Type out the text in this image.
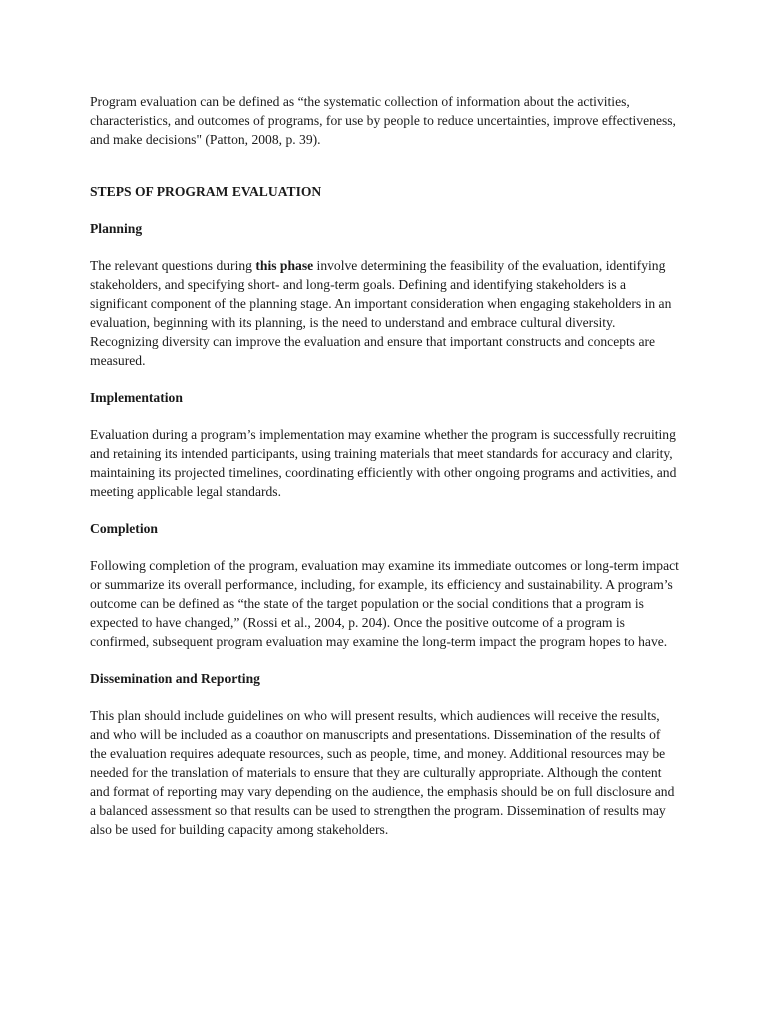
Program evaluation can be defined as “the systematic collection of information about the activities, characteristics, and outcomes of programs, for use by people to reduce uncertainties, improve effectiveness, and make decisions" (Patton, 2008, p. 39).

STEPS OF PROGRAM EVALUATION

Planning

The relevant questions during this phase involve determining the feasibility of the evaluation, identifying stakeholders, and specifying short- and long-term goals. Defining and identifying stakeholders is a significant component of the planning stage. An important consideration when engaging stakeholders in an evaluation, beginning with its planning, is the need to understand and embrace cultural diversity. Recognizing diversity can improve the evaluation and ensure that important constructs and concepts are measured.

Implementation

Evaluation during a program’s implementation may examine whether the program is successfully recruiting and retaining its intended participants, using training materials that meet standards for accuracy and clarity, maintaining its projected timelines, coordinating efficiently with other ongoing programs and activities, and meeting applicable legal standards.

Completion

Following completion of the program, evaluation may examine its immediate outcomes or long-term impact or summarize its overall performance, including, for example, its efficiency and sustainability. A program’s outcome can be defined as “the state of the target population or the social conditions that a program is expected to have changed,” (Rossi et al., 2004, p. 204). Once the positive outcome of a program is confirmed, subsequent program evaluation may examine the long-term impact the program hopes to have.

Dissemination and Reporting

This plan should include guidelines on who will present results, which audiences will receive the results, and who will be included as a coauthor on manuscripts and presentations. Dissemination of the results of the evaluation requires adequate resources, such as people, time, and money. Additional resources may be needed for the translation of materials to ensure that they are culturally appropriate. Although the content and format of reporting may vary depending on the audience, the emphasis should be on full disclosure and a balanced assessment so that results can be used to strengthen the program. Dissemination of results may also be used for building capacity among stakeholders.
